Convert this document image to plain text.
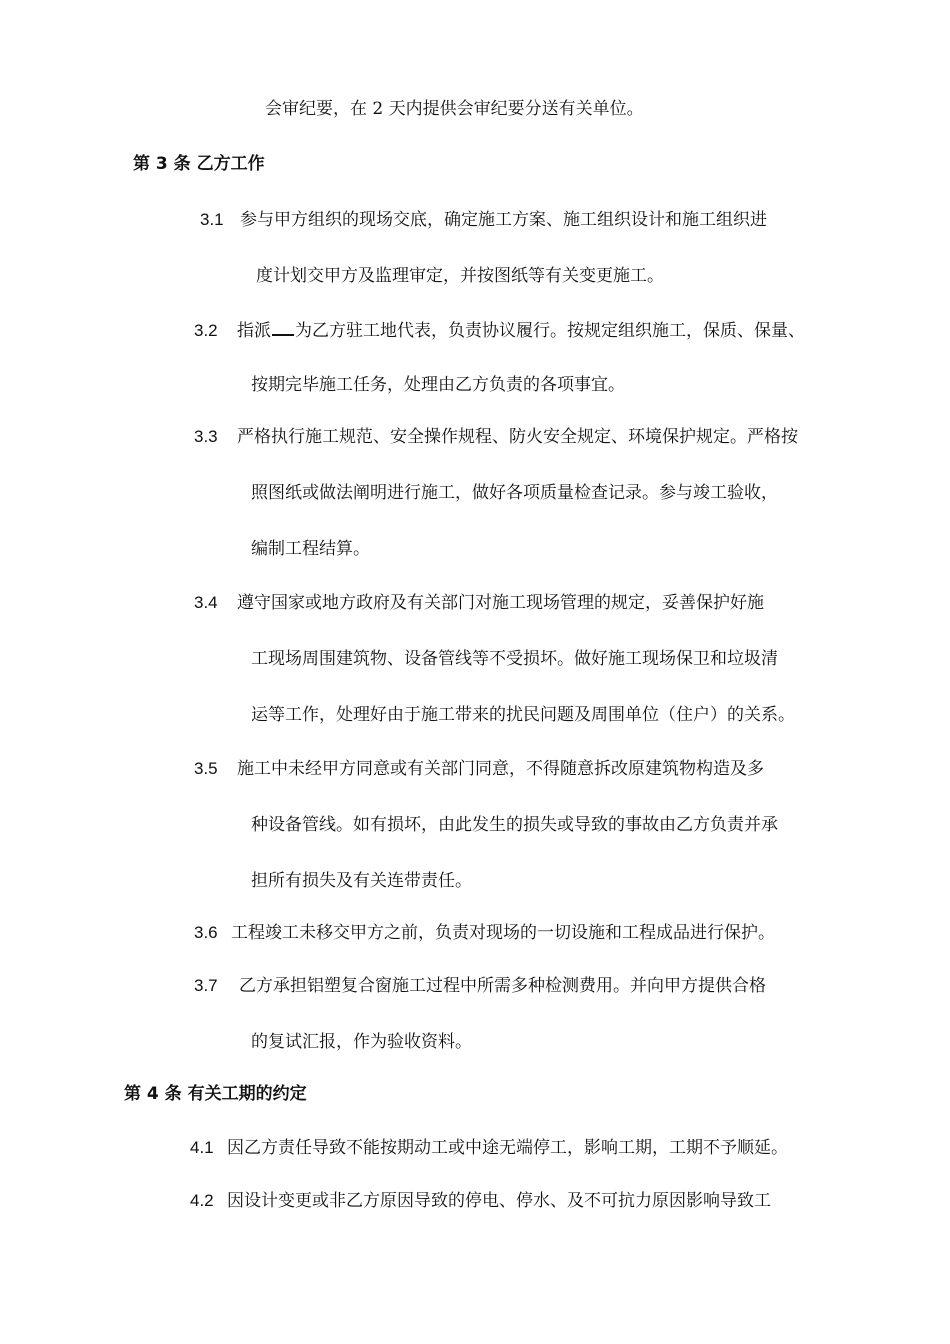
会审纪要，在 2 天内提供会审纪要分送有关单位。
第 3 条 乙方工作
3.1 参与甲方组织的现场交底，确定施工方案、施工组织设计和施工组织进
度计划交甲方及监理审定，并按图纸等有关变更施工。
3.2 指派 为乙方驻工地代表，负责协议履行。按规定组织施工，保质、保量、
按期完毕施工任务，处理由乙方负责的各项事宜。
3.3 严格执行施工规范、安全操作规程、防火安全规定、环境保护规定。严格按
照图纸或做法阐明进行施工，做好各项质量检查记录。参与竣工验收，
编制工程结算。
3.4 遵守国家或地方政府及有关部门对施工现场管理的规定，妥善保护好施
工现场周围建筑物、设备管线等不受损坏。做好施工现场保卫和垃圾清
运等工作，处理好由于施工带来的扰民问题及周围单位（住户）的关系。
3.5 施工中未经甲方同意或有关部门同意，不得随意拆改原建筑物构造及多
种设备管线。如有损坏，由此发生的损失或导致的事故由乙方负责并承
担所有损失及有关连带责任。
3.6 工程竣工未移交甲方之前，负责对现场的一切设施和工程成品进行保护。
3.7 乙方承担铝塑复合窗施工过程中所需多种检测费用。并向甲方提供合格
的复试汇报，作为验收资料。
第 4 条 有关工期的约定
4.1 因乙方责任导致不能按期动工或中途无端停工，影响工期，工期不予顺延。
4.2 因设计变更或非乙方原因导致的停电、停水、及不可抗力原因影响导致工
